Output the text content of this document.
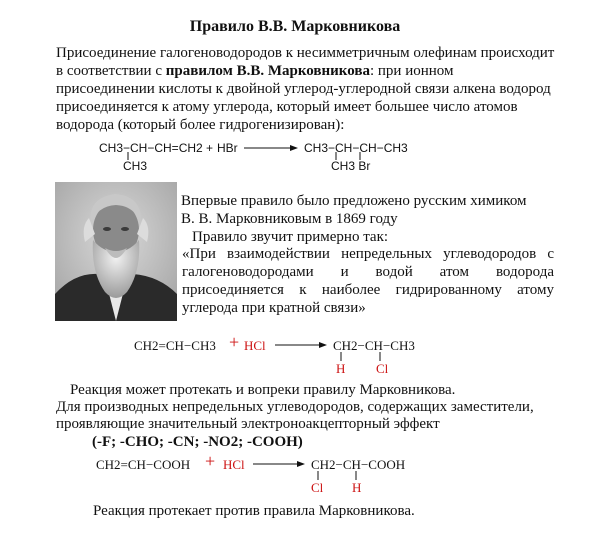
Правило В.В. Марковникова
Присоединение галогеноводородов к несимметричным олефинам происходит
в соответствии с правилом В.В. Марковникова: при ионном
присоединении кислоты к двойной углерод-углеродной связи алкена водород
присоединяется к атому углерода, который имеет большее число атомов
водорода (который более гидрогенизирован):
CH3−CH−CH=CH2 +
CH3
HBr	CH3−CH−CH−CH3
CH3 Br
Впервые правило было предложено русским химиком
В. В. Марковниковым в 1869 году
Правило звучит примерно так:
«При взаимодействии непредельных углеводородов с
галогеноводородами и водой атом водорода
присоединяется к наиболее гидрированному атому
углерода при кратной связи»
CH2=CH−CH3 + HCl	CH2−CH−CH3
H Cl
Реакция может протекать и вопреки правилу Марковникова.
Для производных непредельных углеводородов, содержащих заместители,
проявляющие значительный электроноакцепторный эффект
(-F; -CHO; -CN; -NO2; -COOH)
CH2=CH−COOH + HCl	CH2−CH−COOH
Cl H
Реакция протекает против правила Марковникова.
